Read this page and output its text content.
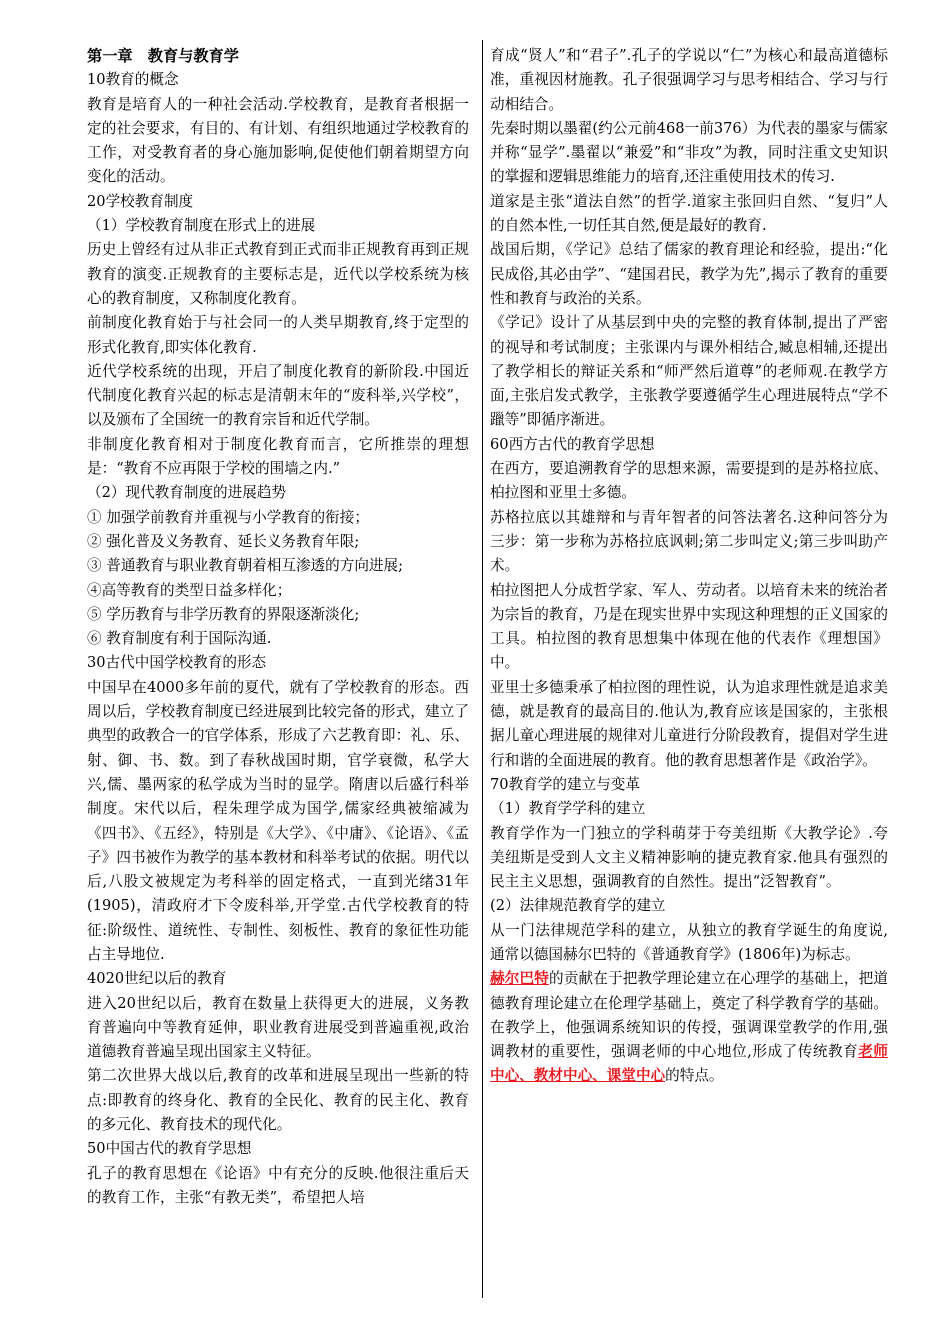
第一章　教育与教育学

10教育的概念

教育是培育人的一种社会活动.学校教育，是教育者根据一定的社会要求，有目的、有计划、有组织地通过学校教育的工作，对受教育者的身心施加影响,促使他们朝着期望方向变化的活动。

20学校教育制度

（1）学校教育制度在形式上的进展

历史上曾经有过从非正式教育到正式而非正规教育再到正规教育的演变.正规教育的主要标志是，近代以学校系统为核心的教育制度，又称制度化教育。

前制度化教育始于与社会同一的人类早期教育,终于定型的形式化教育,即实体化教育.

近代学校系统的出现，开启了制度化教育的新阶段.中国近代制度化教育兴起的标志是清朝末年的“废科举,兴学校”，以及颁布了全国统一的教育宗旨和近代学制。

非制度化教育相对于制度化教育而言，它所推崇的理想是：“教育不应再限于学校的围墙之内.”

（2）现代教育制度的进展趋势

① 加强学前教育并重视与小学教育的衔接；

② 强化普及义务教育、延长义务教育年限;

③ 普通教育与职业教育朝着相互渗透的方向进展;

④高等教育的类型日益多样化；

⑤ 学历教育与非学历教育的界限逐渐淡化;

⑥ 教育制度有利于国际沟通.

30古代中国学校教育的形态

中国早在4000多年前的夏代，就有了学校教育的形态。西周以后，学校教育制度已经进展到比较完备的形式，建立了典型的政教合一的官学体系，形成了六艺教育即：礼、乐、射、御、书、数。到了春秋战国时期，官学衰微，私学大兴,儒、墨两家的私学成为当时的显学。隋唐以后盛行科举制度。宋代以后，程朱理学成为国学,儒家经典被缩减为《四书》、《五经》，特别是《大学》、《中庸》、《论语》、《孟子》四书被作为教学的基本教材和科举考试的依据。明代以后,八股文被规定为考科举的固定格式，一直到光绪31年(1905)，清政府才下令废科举,开学堂.古代学校教育的特征:阶级性、道统性、专制性、刻板性、教育的象征性功能占主导地位.

4020世纪以后的教育

进入20世纪以后，教育在数量上获得更大的进展，义务教育普遍向中等教育延伸，职业教育进展受到普遍重视,政治道德教育普遍呈现出国家主义特征。

第二次世界大战以后,教育的改革和进展呈现出一些新的特点:即教育的终身化、教育的全民化、教育的民主化、教育的多元化、教育技术的现代化。

50中国古代的教育学思想

孔子的教育思想在《论语》中有充分的反映.他很注重后天的教育工作，主张“有教无类”，希望把人培

育成“贤人”和“君子”.孔子的学说以“仁”为核心和最高道德标准，重视因材施教。孔子很强调学习与思考相结合、学习与行动相结合。

先秦时期以墨翟(约公元前468一前376）为代表的墨家与儒家并称“显学”.墨翟以“兼爱”和“非攻”为教，同时注重文史知识的掌握和逻辑思维能力的培育,还注重使用技术的传习.

道家是主张“道法自然”的哲学.道家主张回归自然、“复归”人的自然本性,一切任其自然,便是最好的教育.

战国后期，《学记》总结了儒家的教育理论和经验，提出:“化民成俗,其必由学”、“建国君民，教学为先”,揭示了教育的重要性和教育与政治的关系。

《学记》设计了从基层到中央的完整的教育体制,提出了严密的视导和考试制度；主张课内与课外相结合,臧息相辅,还提出了教学相长的辩证关系和“师严然后道尊”的老师观.在教学方面,主张启发式教学，主张教学要遵循学生心理进展特点“学不躐等”即循序渐进。

60西方古代的教育学思想

在西方，要追溯教育学的思想来源，需要提到的是苏格拉底、柏拉图和亚里士多德。

苏格拉底以其雄辩和与青年智者的问答法著名.这种问答分为三步：第一步称为苏格拉底讽刺;第二步叫定义;第三步叫助产术。

柏拉图把人分成哲学家、军人、劳动者。以培育未来的统治者为宗旨的教育，乃是在现实世界中实现这种理想的正义国家的工具。柏拉图的教育思想集中体现在他的代表作《理想国》中。

亚里士多德秉承了柏拉图的理性说，认为追求理性就是追求美德，就是教育的最高目的.他认为,教育应该是国家的，主张根据儿童心理进展的规律对儿童进行分阶段教育，提倡对学生进行和谐的全面进展的教育。他的教育思想著作是《政治学》。

70教育学的建立与变革

（1）教育学学科的建立

教育学作为一门独立的学科萌芽于夸美纽斯《大教学论》.夸美纽斯是受到人文主义精神影响的捷克教育家.他具有强烈的民主主义思想，强调教育的自然性。提出“泛智教育”。

(2）法律规范教育学的建立

从一门法律规范学科的建立，从独立的教育学诞生的角度说,通常以德国赫尔巴特的《普通教育学》(1806年)为标志。

赫尔巴特的贡献在于把教学理论建立在心理学的基础上，把道德教育理论建立在伦理学基础上，奠定了科学教育学的基础。在教学上，他强调系统知识的传授，强调课堂教学的作用,强调教材的重要性，强调老师的中心地位,形成了传统教育老师中心、教材中心、课堂中心的特点。
